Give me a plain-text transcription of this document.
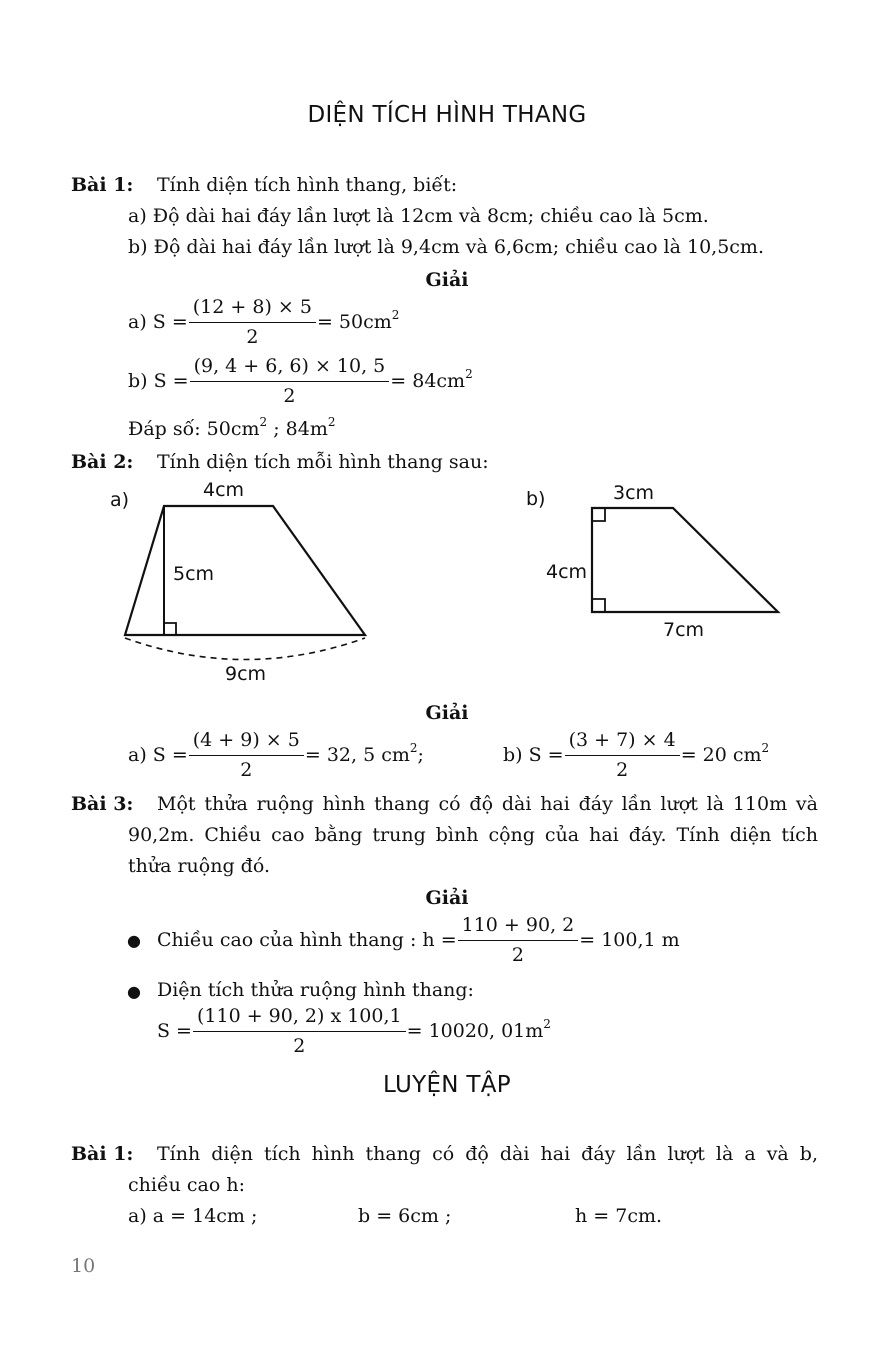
DIỆN TÍCH HÌNH THANG
Bài 1: Tính diện tích hình thang, biết:
a) Độ dài hai đáy lần lượt là 12cm và 8cm; chiều cao là 5cm.
b) Độ dài hai đáy lần lượt là 9,4cm và 6,6cm; chiều cao là 10,5cm.
Giải
a) $S = \frac{(12 + 8) \times 5}{2} = 50cm^2$
b) $S = \frac{(9, 4 + 6, 6) \times 10, 5}{2} = 84cm^2$
Đáp số: $50cm^2$ ; $84m^2$
Bài 2: Tính diện tích mỗi hình thang sau:
a)	4cm
5cm
9cm
b)	3cm
4cm
7cm
Giải
a) $S = \frac{(4 + 9) \times 5}{2} = 32$, 5 $cm^2$;	b) $S = \frac{(3 + 7) \times 4}{2} = 20$ $cm^2$
Bài 3: Một thửa ruộng hình thang có độ dài hai đáy lần lượt là 110m và
90,2m. Chiều cao bằng trung bình cộng của hai đáy. Tính diện tích
thửa ruộng đó.
Giải
● Chiều cao của hình thang : $h = \frac{110 + 90, 2}{2} = 100,1$ m
● Diện tích thửa ruộng hình thang:
$S = \frac{(110 + 90, 2) x 100,1}{2} = 10020$, $01m^2$
LUYỆN TẬP
Bài 1: Tính diện tích hình thang có độ dài hai đáy lần lượt là a và b,
chiều cao h:
a) a = 14cm ;	b = 6cm ;	h = 7cm.
10
